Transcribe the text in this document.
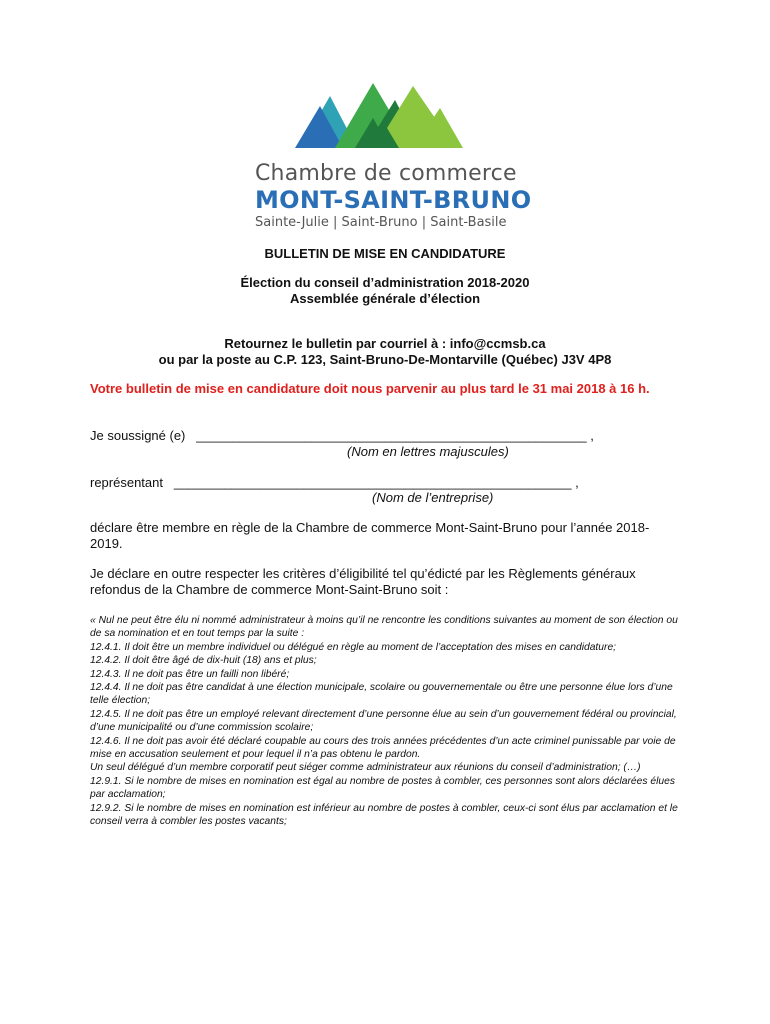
Chambre de commerce
MONT-SAINT-BRUNO
Sainte-Julie | Saint-Bruno | Saint-Basile
BULLETIN DE MISE EN CANDIDATURE
Élection du conseil d’administration 2018-2020
Assemblée générale d’élection
Retournez le bulletin par courriel à : info@ccmsb.ca
ou par la poste au C.P. 123, Saint-Bruno-De-Montarville (Québec) J3V 4P8
Votre bulletin de mise en candidature doit nous parvenir au plus tard le 31 mai 2018 à 16 h.
Je soussigné (e) ______________________________________________________ ,
(Nom en lettres majuscules)
représentant _______________________________________________________ ,
(Nom de l’entreprise)
déclare être membre en règle de la Chambre de commerce Mont-Saint-Bruno pour l’année 2018-2019.
Je déclare en outre respecter les critères d’éligibilité tel qu’édicté par les Règlements généraux refondus de la Chambre de commerce Mont-Saint-Bruno soit :
« Nul ne peut être élu ni nommé administrateur à moins qu’il ne rencontre les conditions suivantes au moment de son élection ou de sa nomination et en tout temps par la suite :
12.4.1. Il doit être un membre individuel ou délégué en règle au moment de l’acceptation des mises en candidature;
12.4.2. Il doit être âgé de dix-huit (18) ans et plus;
12.4.3. Il ne doit pas être un failli non libéré;
12.4.4. Il ne doit pas être candidat à une élection municipale, scolaire ou gouvernementale ou être une personne élue lors d’une telle élection;
12.4.5. Il ne doit pas être un employé relevant directement d’une personne élue au sein d’un gouvernement fédéral ou provincial, d’une municipalité ou d’une commission scolaire;
12.4.6. Il ne doit pas avoir été déclaré coupable au cours des trois années précédentes d’un acte criminel punissable par voie de mise en accusation seulement et pour lequel il n’a pas obtenu le pardon.
Un seul délégué d’un membre corporatif peut siéger comme administrateur aux réunions du conseil d’administration; (…)
12.9.1. Si le nombre de mises en nomination est égal au nombre de postes à combler, ces personnes sont alors déclarées élues par acclamation;
12.9.2. Si le nombre de mises en nomination est inférieur au nombre de postes à combler, ceux-ci sont élus par acclamation et le conseil verra à combler les postes vacants;
